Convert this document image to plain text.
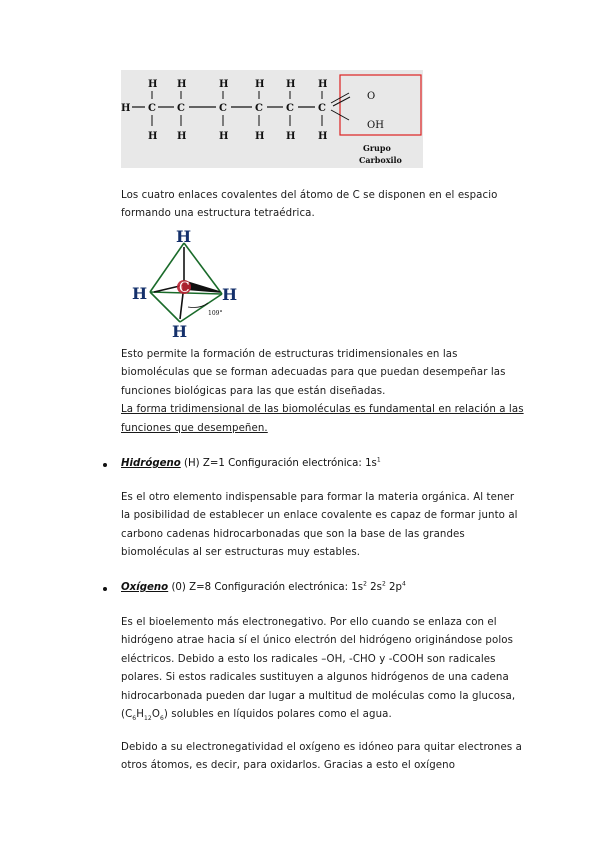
H H	H	H H H
H C C	C	C C C
H H	H	H H H
O
OH
Grupo
Carboxilo

Los cuatro enlaces covalentes del átomo de C se disponen en el espacio

formando una estructura tetraédrica.

C
H
H	H
H
109°

Esto permite la formación de estructuras tridimensionales en las

biomoléculas que se forman adecuadas para que puedan desempeñar las

funciones biológicas para las que están diseñadas.

La forma tridimensional de las biomoléculas es fundamental en relación a las

funciones que desempeñen.

Hidrógeno (H) Z=1 Configuración electrónica: $1s^1$

Es el otro elemento indispensable para formar la materia orgánica. Al tener

la posibilidad de establecer un enlace covalente es capaz de formar junto al

carbono cadenas hidrocarbonadas que son la base de las grandes

biomoléculas al ser estructuras muy estables.

Oxígeno (0) Z=8 Configuración electrónica: $1s^2$ $2s^2$ $2p^4$

Es el bioelemento más electronegativo. Por ello cuando se enlaza con el

hidrógeno atrae hacia sí el único electrón del hidrógeno originándose polos

eléctricos. Debido a esto los radicales –OH, -CHO y -COOH son radicales

polares. Si estos radicales sustituyen a algunos hidrógenos de una cadena

hidrocarbonada pueden dar lugar a multitud de moléculas como la glucosa,

$(C_6H_{12}O_6)$ solubles en líquidos polares como el agua.

Debido a su electronegatividad el oxígeno es idóneo para quitar electrones a

otros átomos, es decir, para oxidarlos. Gracias a esto el oxígeno
